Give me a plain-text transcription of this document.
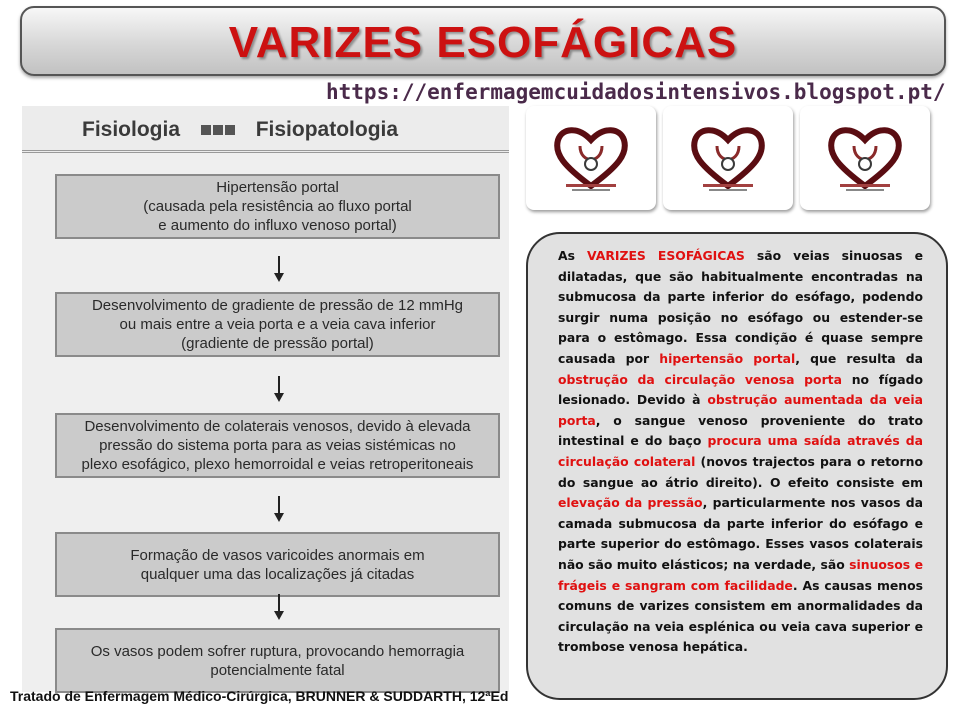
VARIZES ESOFÁGICAS
https://enfermagemcuidadosintensivos.blogspot.pt/
Fisiologia	Fisiopatologia
Hipertensão portal
(causada pela resistência ao fluxo portal
e aumento do influxo venoso portal)
Desenvolvimento de gradiente de pressão de 12 mmHg
ou mais entre a veia porta e a veia cava inferior
(gradiente de pressão portal)
Desenvolvimento de colaterais venosos, devido à elevada
pressão do sistema porta para as veias sistémicas no
plexo esofágico, plexo hemorroidal e veias retroperitoneais
Formação de vasos varicoides anormais em
qualquer uma das localizações já citadas
Os vasos podem sofrer ruptura, provocando hemorragia
potencialmente fatal
Tratado de Enfermagem Médico-Cirúrgica, BRUNNER & SUDDARTH, 12ªEd
As VARIZES ESOFÁGICAS são veias sinuosas e dilatadas, que são habitualmente encontradas na submucosa da parte inferior do esófago, podendo surgir numa posição no esófago ou estender-se para o estômago. Essa condição é quase sempre causada por hipertensão portal, que resulta da obstrução da circulação venosa porta no fígado lesionado. Devido à obstrução aumentada da veia porta, o sangue venoso proveniente do trato intestinal e do baço procura uma saída através da circulação colateral (novos trajectos para o retorno do sangue ao átrio direito). O efeito consiste em elevação da pressão, particularmente nos vasos da camada submucosa da parte inferior do esófago e parte superior do estômago. Esses vasos colaterais não são muito elásticos; na verdade, são sinuosos e frágeis e sangram com facilidade. As causas menos comuns de varizes consistem em anormalidades da circulação na veia esplénica ou veia cava superior e trombose venosa hepática.
